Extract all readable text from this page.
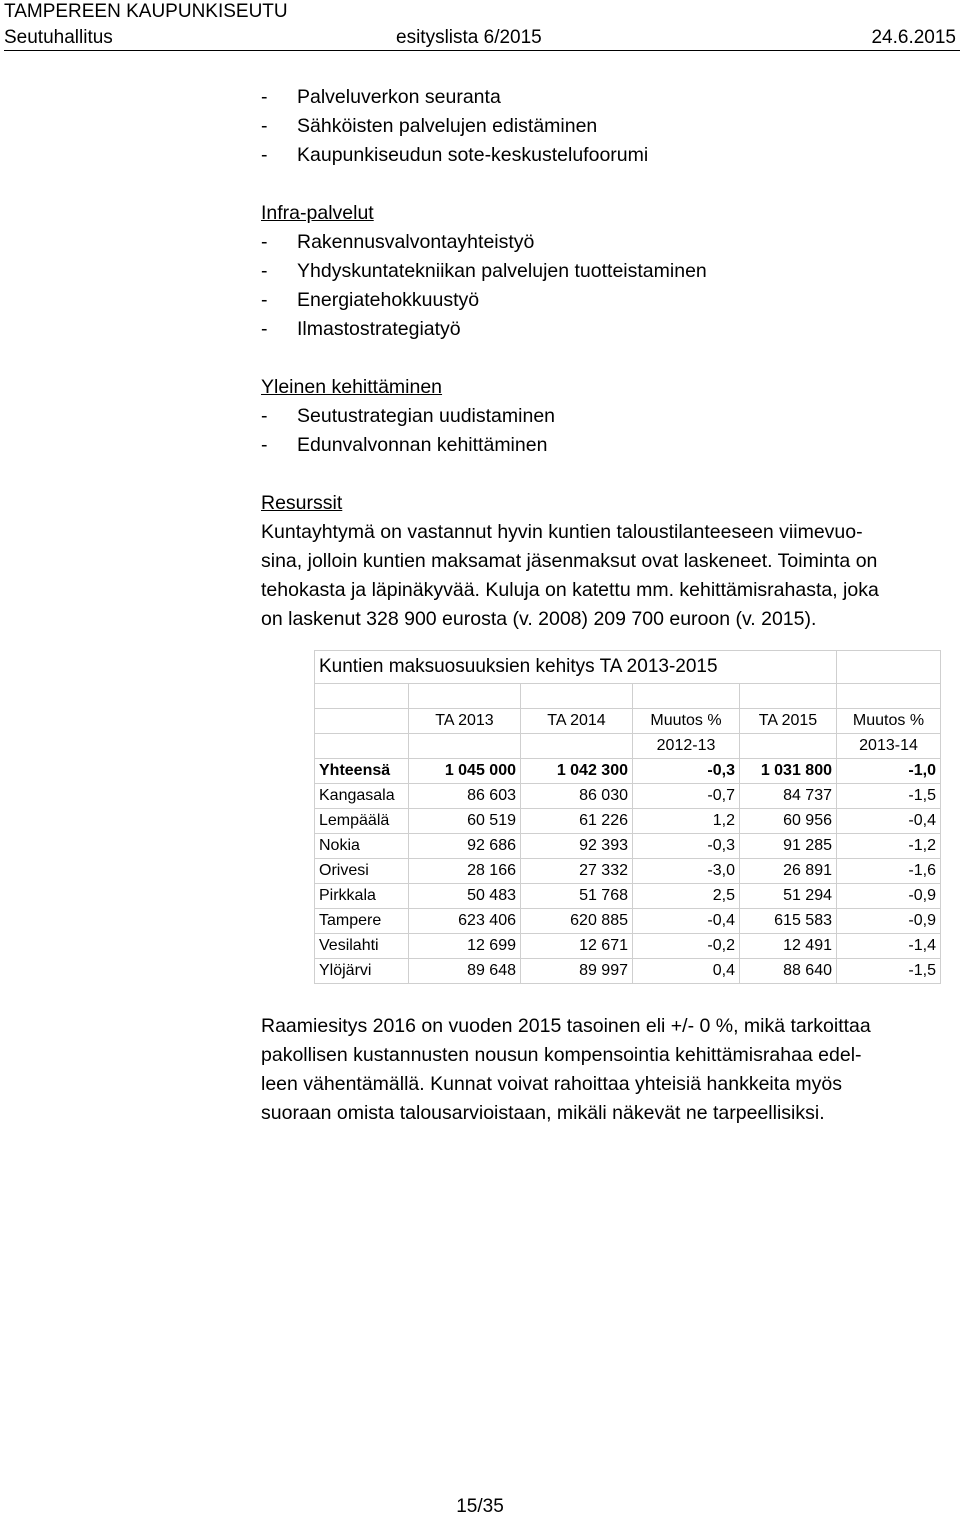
TAMPEREEN KAUPUNKISEUTU
Seutuhallitus	esityslista 6/2015	24.6.2015
- Palveluverkon seuranta
- Sähköisten palvelujen edistäminen
- Kaupunkiseudun sote-keskustelufoorumi
Infra-palvelut
- Rakennusvalvontayhteistyö
- Yhdyskuntatekniikan palvelujen tuotteistaminen
- Energiatehokkuustyö
- Ilmastostrategiatyö
Yleinen kehittäminen
- Seutustrategian uudistaminen
- Edunvalvonnan kehittäminen
Resurssit
Kuntayhtymä on vastannut hyvin kuntien taloustilanteeseen viimevuo-
sina, jolloin kuntien maksamat jäsenmaksut ovat laskeneet. Toiminta on
tehokasta ja läpinäkyvää. Kuluja on katettu mm. kehittämisrahasta, joka
on laskenut 328 900 eurosta (v. 2008) 209 700 euroon (v. 2015).
Kuntien maksuosuuksien kehitys TA 2013-2015					

	TA 2013	TA 2014	Muutos %	TA 2015	Muutos %
			2012-13		2013-14
Yhteensä	1 045 000	1 042 300	-0,3	1 031 800	-1,0
Kangasala	86 603	86 030	-0,7	84 737	-1,5
Lempäälä	60 519	61 226	1,2	60 956	-0,4
Nokia	92 686	92 393	-0,3	91 285	-1,2
Orivesi	28 166	27 332	-3,0	26 891	-1,6
Pirkkala	50 483	51 768	2,5	51 294	-0,9
Tampere	623 406	620 885	-0,4	615 583	-0,9
Vesilahti	12 699	12 671	-0,2	12 491	-1,4
Ylöjärvi	89 648	89 997	0,4	88 640	-1,5
Raamiesitys 2016 on vuoden 2015 tasoinen eli +/- 0 %, mikä tarkoittaa
pakollisen kustannusten nousun kompensointia kehittämisrahaa edel-
leen vähentämällä. Kunnat voivat rahoittaa yhteisiä hankkeita myös
suoraan omista talousarvioistaan, mikäli näkevät ne tarpeellisiksi.
15/35
